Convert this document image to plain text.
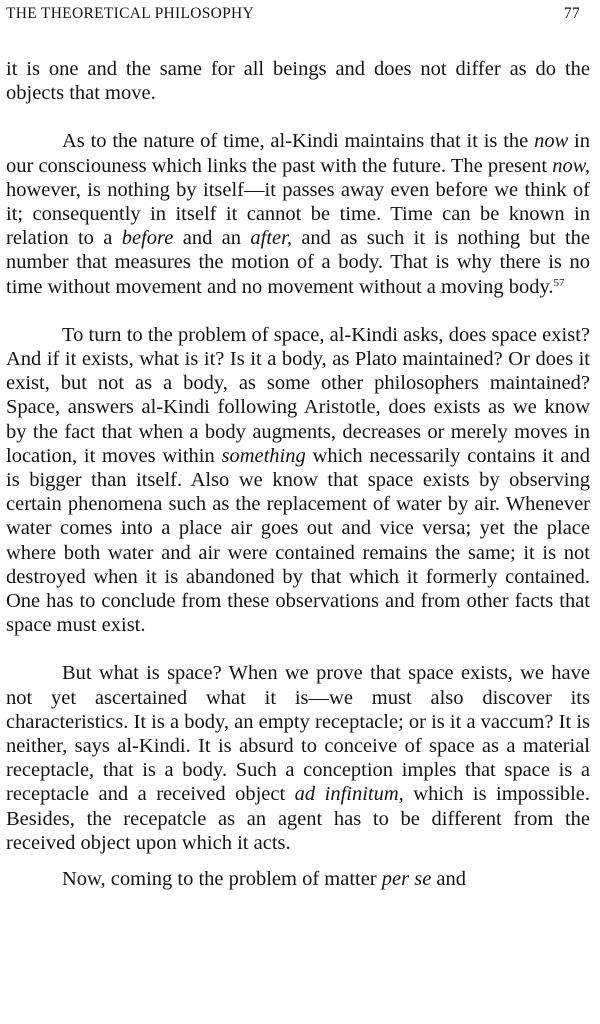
THE THEORETICAL PHILOSOPHY	77

it is one and the same for all beings and does not differ as do the objects that move.

As to the nature of time, al-Kindi maintains that it is the now in our consciouness which links the past with the future. The present now, however, is nothing by itself—it passes away even before we think of it; consequently in itself it cannot be time. Time can be known in relation to a before and an after, and as such it is nothing but the number that measures the motion of a body. That is why there is no time without movement and no movement without a moving body.$^{57}$

To turn to the problem of space, al-Kindi asks, does space exist? And if it exists, what is it? Is it a body, as Plato maintained? Or does it exist, but not as a body, as some other philosophers maintained? Space, answers al-Kindi following Aristotle, does exists as we know by the fact that when a body augments, decreases or merely moves in location, it moves within something which necessarily contains it and is bigger than itself. Also we know that space exists by observing certain phenomena such as the replacement of water by air. Whenever water comes into a place air goes out and vice versa; yet the place where both water and air were contained remains the same; it is not destroyed when it is abandoned by that which it formerly contained. One has to conclude from these observations and from other facts that space must exist.

But what is space? When we prove that space exists, we have not yet ascertained what it is—we must also discover its characteristics. It is a body, an empty receptacle; or is it a vaccum? It is neither, says al-Kindi. It is absurd to conceive of space as a material receptacle, that is a body. Such a conception imples that space is a receptacle and a received object ad infinitum, which is impossible. Besides, the recepatcle as an agent has to be different from the received object upon which it acts.

Now, coming to the problem of matter per se and
